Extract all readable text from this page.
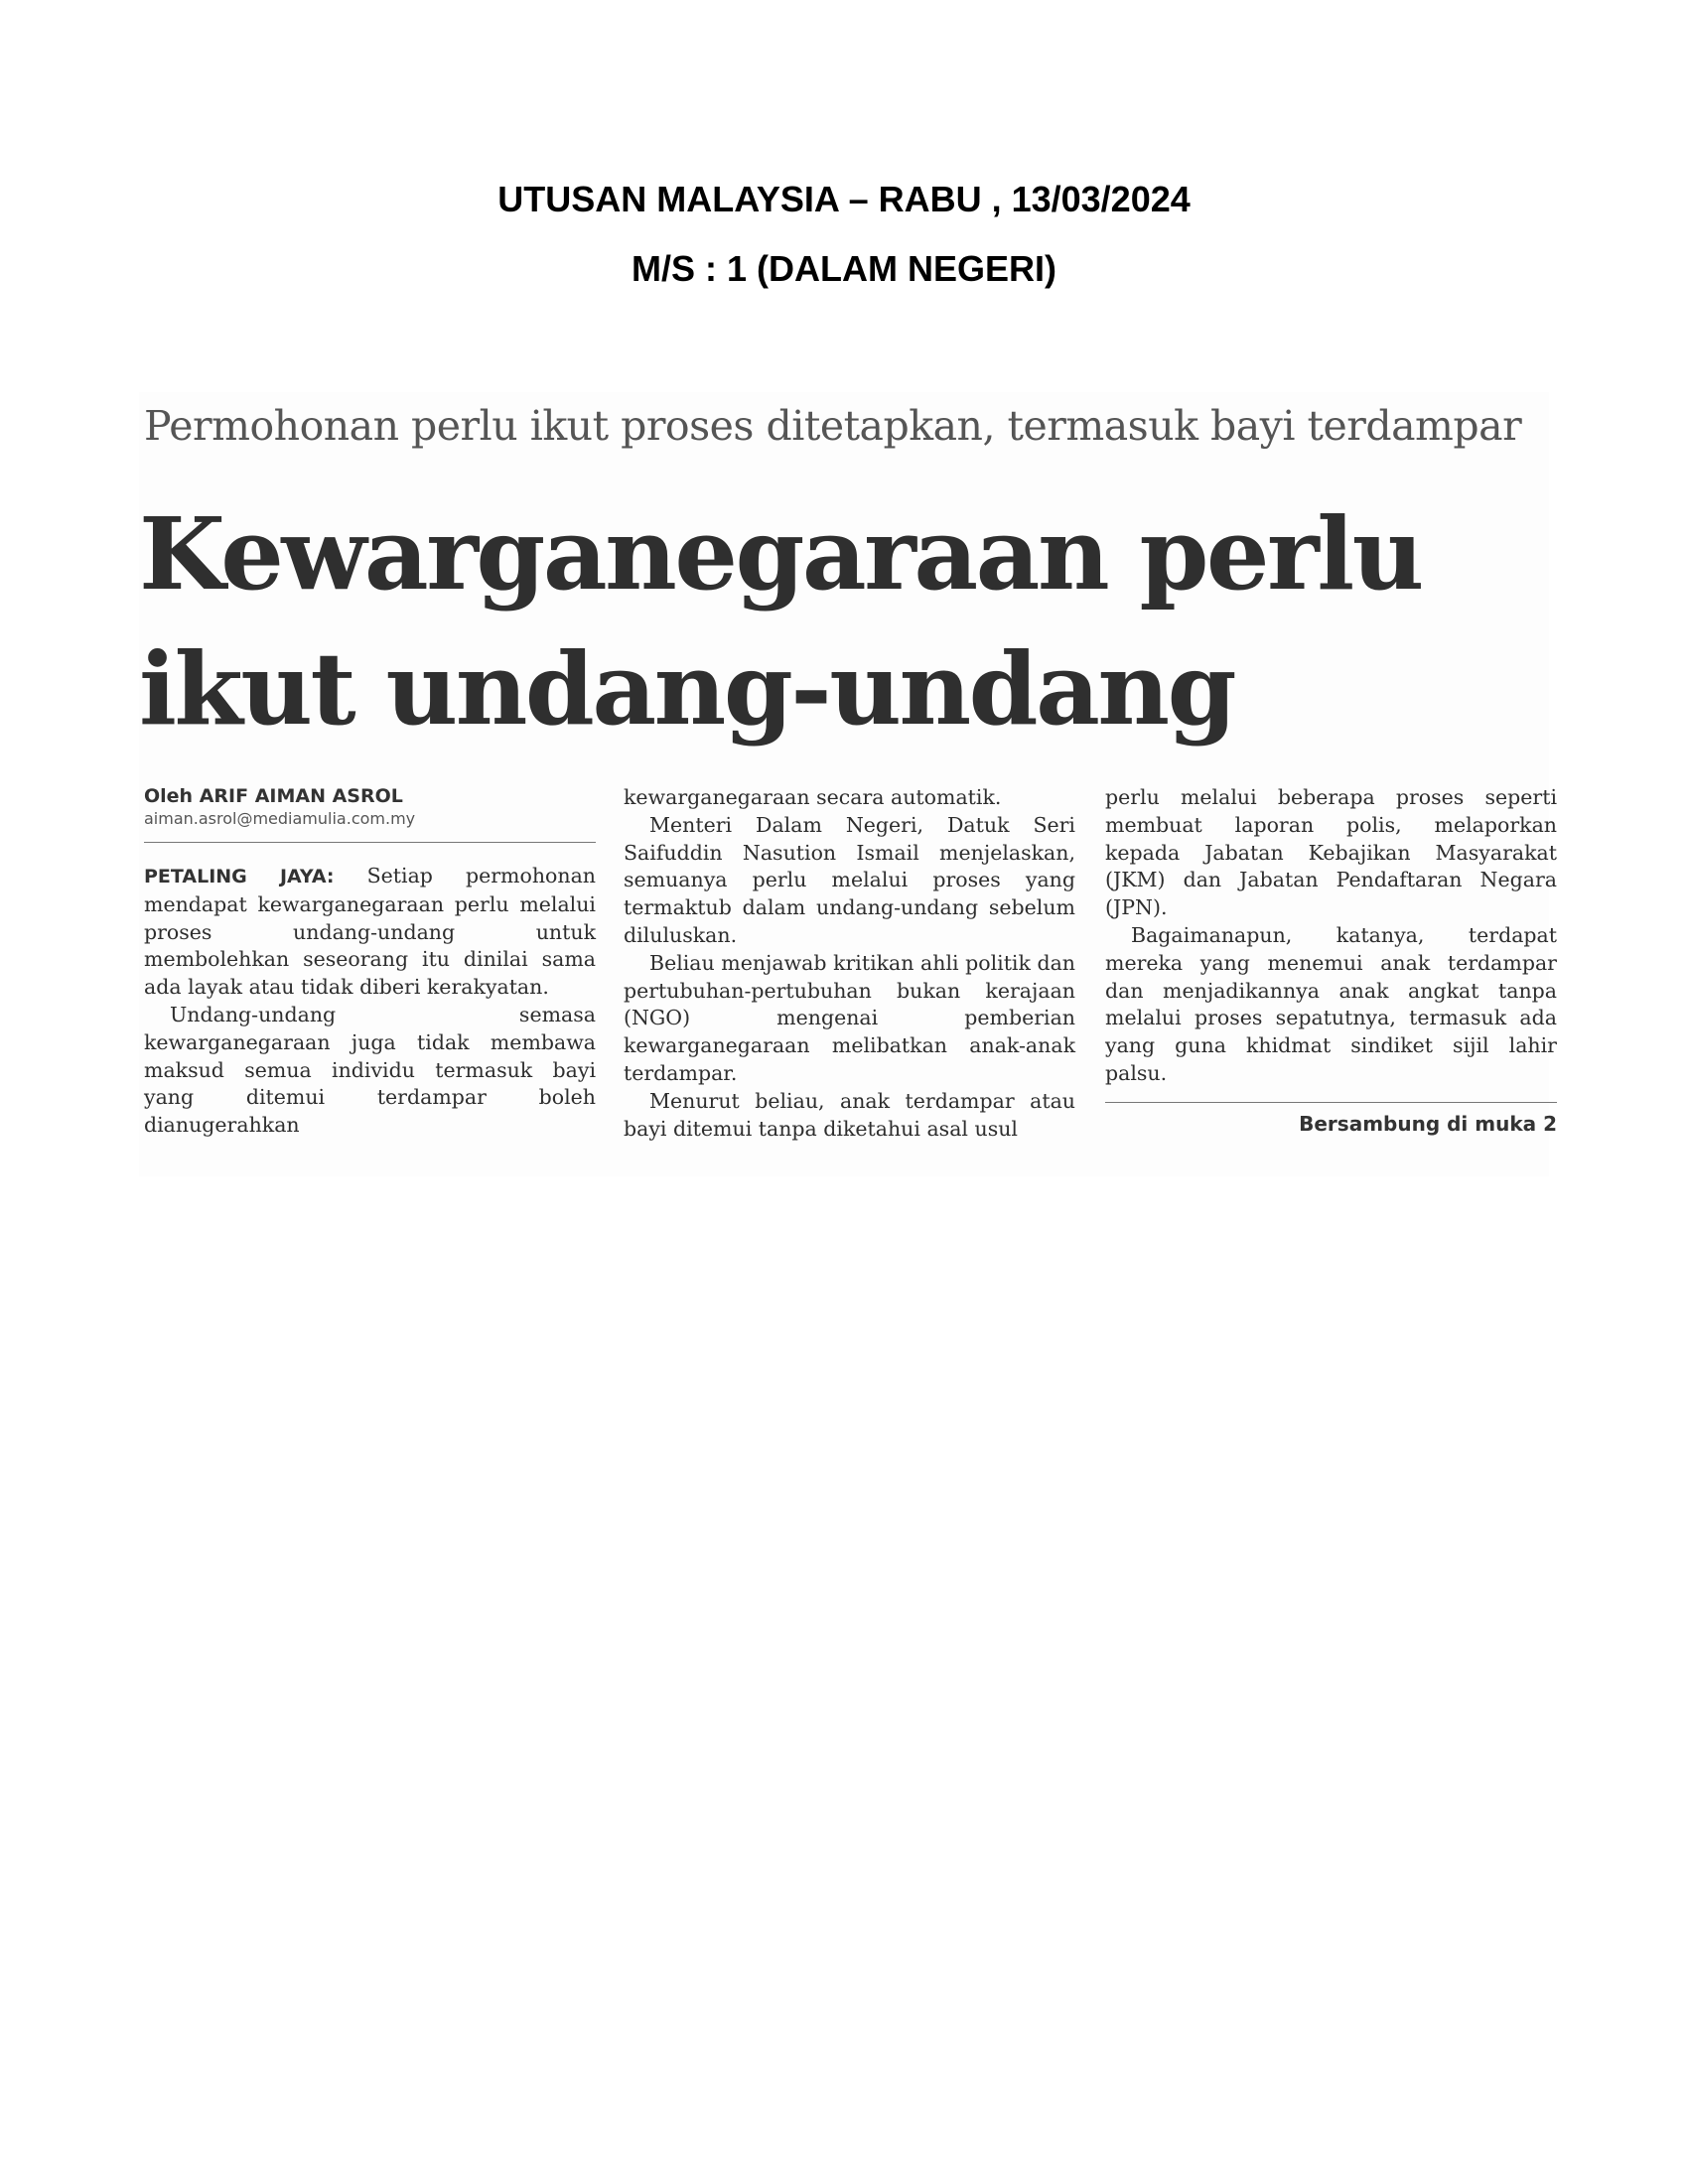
UTUSAN MALAYSIA – RABU , 13/03/2024
M/S : 1 (DALAM NEGERI)
Permohonan perlu ikut proses ditetapkan, termasuk bayi terdampar
Kewarganegaraan perlu
ikut undang-undang
Oleh ARIF AIMAN ASROL
aiman.asrol@mediamulia.com.my

PETALING JAYA: Setiap permohonan mendapat kewarganegaraan perlu melalui proses undang-undang untuk membolehkan seseorang itu dinilai sama ada layak atau tidak diberi kerakyatan.

Undang-undang semasa kewarganegaraan juga tidak membawa maksud semua individu termasuk bayi yang ditemui terdampar boleh dianugerahkan

kewarganegaraan secara automatik.

Menteri Dalam Negeri, Datuk Seri Saifuddin Nasution Ismail menjelaskan, semuanya perlu melalui proses yang termaktub dalam undang-undang sebelum diluluskan.

Beliau menjawab kritikan ahli politik dan pertubuhan-pertubuhan bukan kerajaan (NGO) mengenai pemberian kewarganegaraan melibatkan anak-anak terdampar.

Menurut beliau, anak terdampar atau bayi ditemui tanpa diketahui asal usul

perlu melalui beberapa proses seperti membuat laporan polis, melaporkan kepada Jabatan Kebajikan Masyarakat (JKM) dan Jabatan Pendaftaran Negara (JPN).

Bagaimanapun, katanya, terdapat mereka yang menemui anak terdampar dan menjadikannya anak angkat tanpa melalui proses sepatutnya, termasuk ada yang guna khidmat sindiket sijil lahir palsu.

Bersambung di muka 2
